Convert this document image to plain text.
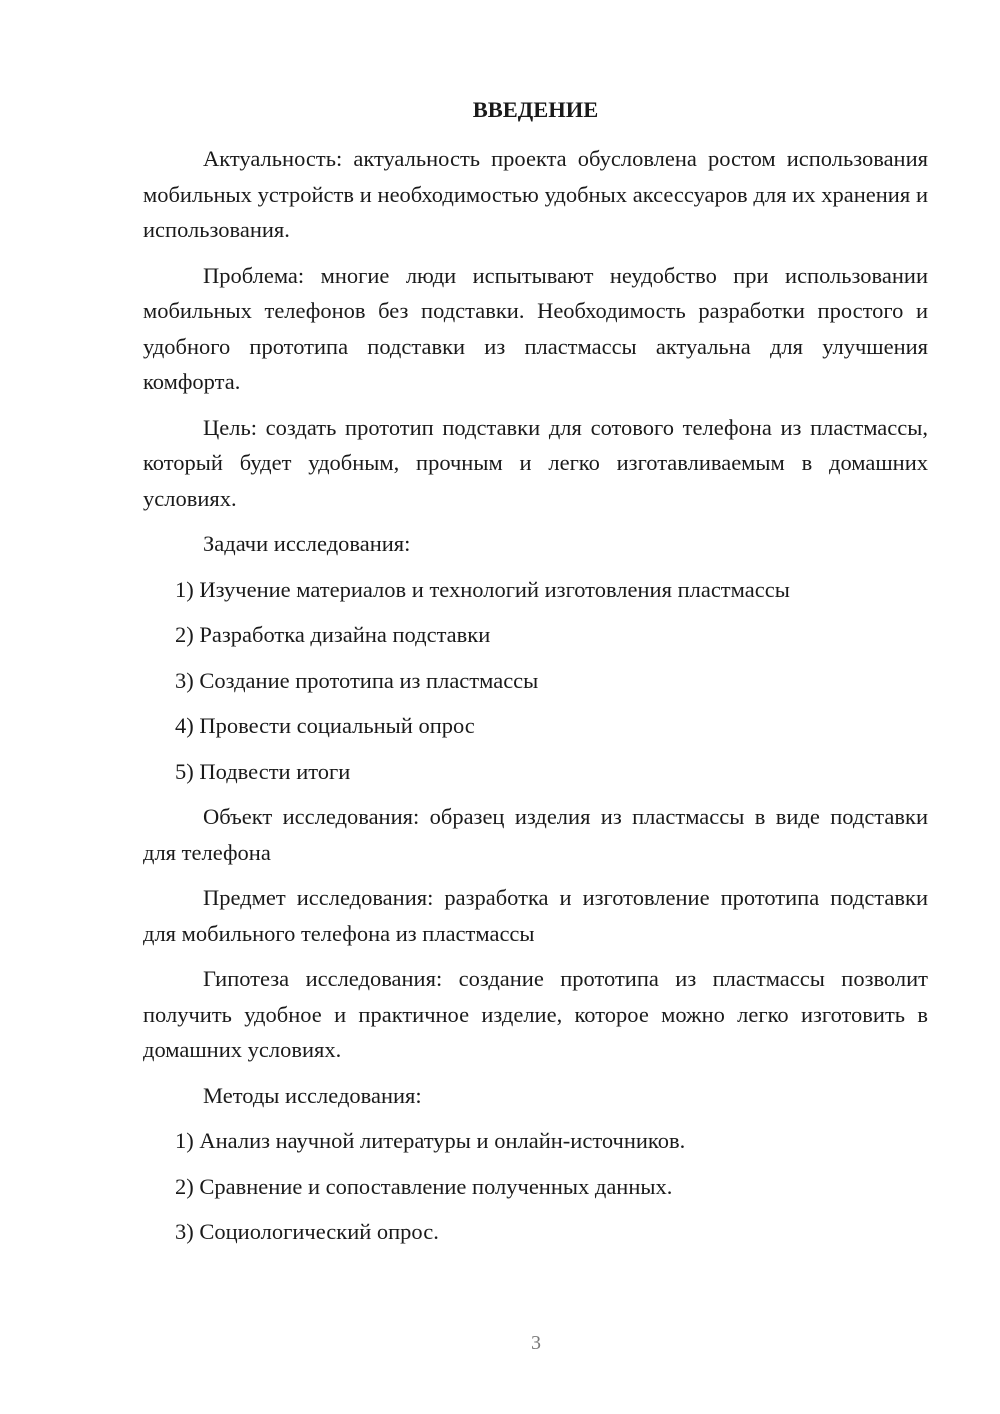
ВВЕДЕНИЕ

Актуальность: актуальность проекта обусловлена ростом использования мобильных устройств и необходимостью удобных аксессуаров для их хранения и использования.

Проблема: многие люди испытывают неудобство при использовании мобильных телефонов без подставки. Необходимость разработки простого и удобного прототипа подставки из пластмассы актуальна для улучшения комфорта.

Цель: создать прототип подставки для сотового телефона из пластмассы, который будет удобным, прочным и легко изготавливаемым в домашних условиях.

Задачи исследования:

1) Изучение материалов и технологий изготовления пластмассы

2) Разработка дизайна подставки

3) Создание прототипа из пластмассы

4) Провести социальный опрос

5) Подвести итоги

Объект исследования: образец изделия из пластмассы в виде подставки для телефона

Предмет исследования: разработка и изготовление прототипа подставки для мобильного телефона из пластмассы

Гипотеза исследования: создание прототипа из пластмассы позволит получить удобное и практичное изделие, которое можно легко изготовить в домашних условиях.

Методы исследования:

1) Анализ научной литературы и онлайн-источников.

2) Сравнение и сопоставление полученных данных.

3) Социологический опрос.

3
